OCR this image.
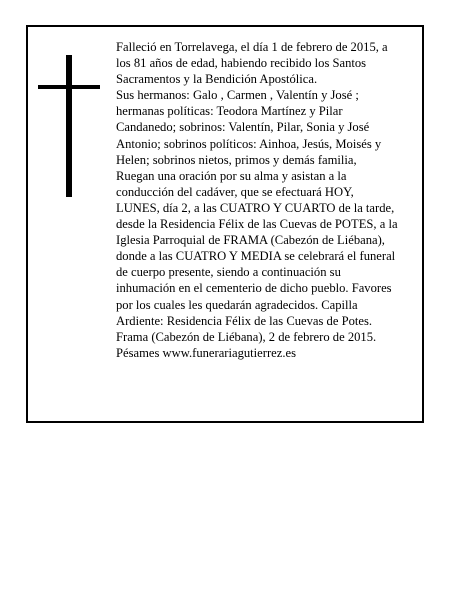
Falleció en Torrelavega, el día 1 de febrero de 2015, a
los 81 años de edad, habiendo recibido los Santos
Sacramentos y la Bendición Apostólica.
Sus hermanos: Galo , Carmen , Valentín y José ;
hermanas políticas: Teodora Martínez y Pilar
Candanedo; sobrinos: Valentín, Pilar, Sonia y José
Antonio; sobrinos políticos: Ainhoa, Jesús, Moisés y
Helen; sobrinos nietos, primos y demás familia,
Ruegan una oración por su alma y asistan a la
conducción del cadáver, que se efectuará HOY,
LUNES, día 2, a las CUATRO Y CUARTO de la tarde,
desde la Residencia Félix de las Cuevas de POTES, a la
Iglesia Parroquial de FRAMA (Cabezón de Liébana),
donde a las CUATRO Y MEDIA se celebrará el funeral
de cuerpo presente, siendo a continuación su
inhumación en el cementerio de dicho pueblo. Favores
por los cuales les quedarán agradecidos. Capilla
Ardiente: Residencia Félix de las Cuevas de Potes.
Frama (Cabezón de Liébana), 2 de febrero de 2015.
Pésames www.funerariagutierrez.es
